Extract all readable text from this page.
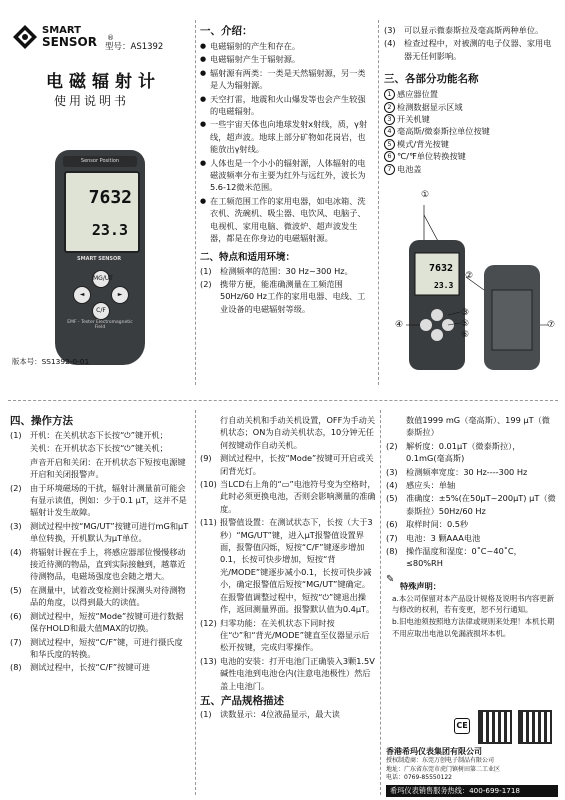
SMART
SENSOR ®
型号：AS1392
电磁辐射计
使用说明书
Sensor Position
7632
23.3
SMART SENSOR
MG/UT
◄	►
C/F
EMF - Tester Electromagnetic Field
版本号：SS1392-0-01
一、介绍：
● 电磁辐射的产生和存在。
● 电磁辐射产生于辐射源。
● 辐射源有两类：一类是天然辐射源，另一类是人为辐射源。
● 天空打雷，地震和火山爆发等也会产生较强的电磁辐射。
● 一些宇宙天体也向地球发射x射线，质，γ射线，超声波。地球上部分矿物如花岗岩，也能放出γ射线。
● 人体也是一个小小的辐射源，人体辐射的电磁波频率分布主要为红外与远红外，波长为5.6-12微米范围。
● 在工频范围工作的家用电器，如电冰箱、洗衣机、洗碗机、吸尘器、电饮风、电脑子、电视机、家用电脑、微波炉、超声波发生器，都是在你身边的电磁辐射源。
二、特点和适用环境：
(1) 检测频率的范围：30 Hz~300 Hz。
(2) 携带方便，能准确测量在工频范围50Hz/60 Hz工作的家用电器、电线、工业设备的电磁辐射等级。
(3) 可以显示微泰斯拉及毫高斯两种单位。
(4) 检查过程中，对被测的电子仪器、家用电器无任何影响。
三、各部分功能名称
1 感应器位置
2 检测数据显示区域
3 开关机键
4 毫高斯/微泰斯拉单位按键
5 模式/背光按键
6 ℃/℉单位转换按键
7 电池盖
7632
23.3
①
②
③
④	⑤
⑥
⑦
四、操作方法
(1) 开机：在关机状态下长按“⏻”键开机；
关机：在开机状态下长按“⏻”键关机；
声音开启和关闭：在开机状态下短按电源键开启和关闭报警声。
(2) 由于环境磁场的干扰，辐射计测量前可能会有显示读值，例如：少于0.1 μT，这并不是辐射计发生故障。
(3) 测试过程中按“MG/UT”按键可进行mG和μT单位转换，开机默认为μT单位。
(4) 将辐射计握在手上，将感应器部位慢慢移动接近待测的物品，直到实际接触到，越靠近待测物品，电磁场强度也会随之增大。
(5) 在测量中，试着改变检测计探测头对待测物品的角度，以得到最大的读值。
(6) 测试过程中，短按“Mode”按键可进行数据保存HOLD和最大值MAX的切换。
(7) 测试过程中，短按“C/F”键，可进行摄氏度和华氏度的转换。
(8) 测试过程中，长按“C/F”按键可进
行自动关机和手动关机设置，OFF为手动关机状态；ON为自动关机状态，10分钟无任何按键动作自动关机。
(9) 测试过程中，长按“Mode”按键可开启或关闭背光灯。
(10) 当LCD右上角的“▭”电池符号变为空格时，此时必须更换电池，否则会影响测量的准确度。
(11) 报警值设置：在测试状态下，长按（大于3秒）“MG/UT”键，进入μT报警值设置界面，报警值闪烁，短按“C/F”键逐步增加0.1，长按可快步增加，短按“背光/MODE”键逐步减小0.1，长按可快步减小，确定报警值后短按“MG/UT”键确定。在报警值调整过程中，短按“⏻”键退出操作，返回测量界面。报警默认值为0.4μT。
(12) 归零功能：在关机状态下同时按住“⏻”和“背光/MODE”键直至仪器显示后松开按键，完成归零操作。
(13) 电池的安装：打开电池门正确装入3颗1.5V碱性电池到电池仓内(注意电池极性）然后盖上电池门。
五、产品规格描述
(1) 读数显示：4位液晶显示，最大读
数值1999 mG（毫高斯）、199 μT（微泰斯拉）
(2) 解析度：0.01μT（微泰斯拉），0.1mG(毫高斯)
(3) 检测频率宽度：30 Hz----300 Hz
(4) 感应头：单轴
(5) 准确度：±5%(在50μT~200μT) μT（微泰斯拉）50Hz/60 Hz
(6) 取样时间：0.5秒
(7) 电池：3 颗AAA电池
(8) 操作温度和湿度：0˚C~40˚C，≤80%RH
✎
特殊声明：
a.本公司保留对本产品设计规格及说明书内容更新与修改的权利，若有变更，恕不另行通知。
b.旧电池须按照地方法律或规则来处理！本机长期不用应取出电池以免漏液损坏本机。
CE
香港希玛仪表集团有限公司
授权制造商：东莞万创电子制品有限公司
地址：广东省东莞市虎门镇树田第二工业区
电话：0769-85550122
希玛仪表销售服务热线：400-699-1718
